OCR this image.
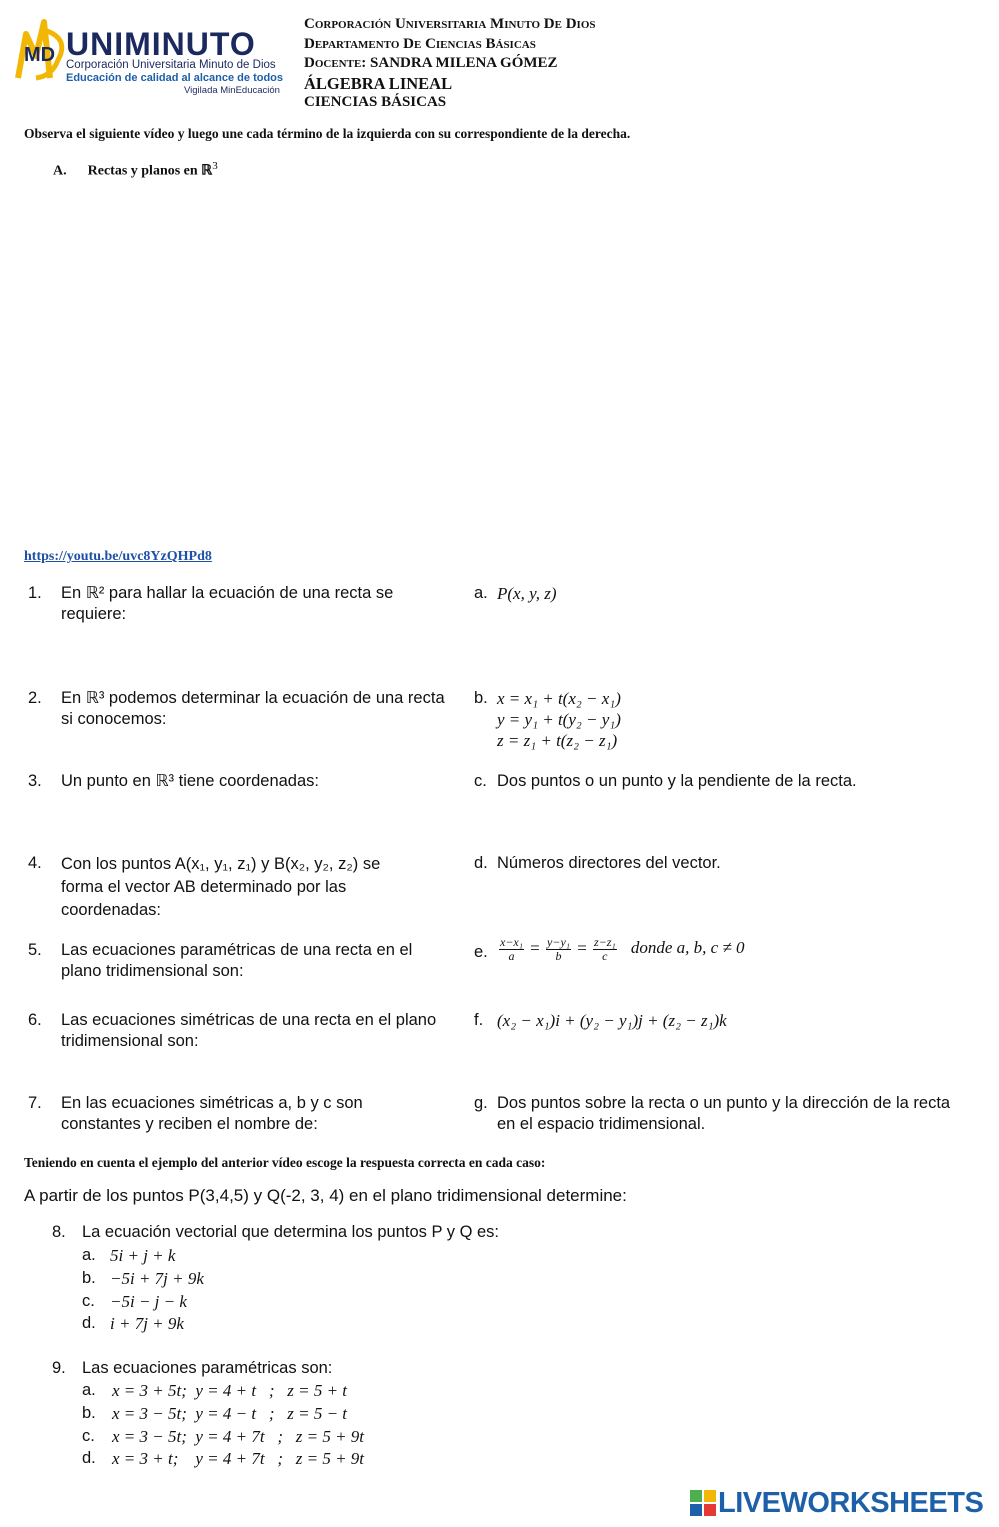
MD UNIMINUTO
Corporación Universitaria Minuto de Dios
Educación de calidad al alcance de todos
Vigilada MinEducación
Corporación Universitaria Minuto De Dios
Departamento De Ciencias Básicas
Docente: SANDRA MILENA GÓMEZ
ÁLGEBRA LINEAL
CIENCIAS BÁSICAS
Observa el siguiente vídeo y luego une cada término de la izquierda con su correspondiente de la derecha.
A. Rectas y planos en ℝ$^3$
https://youtu.be/uvc8YzQHPd8
1. En ℝ² para hallar la ecuación de una recta se requiere:
2. En ℝ³ podemos determinar la ecuación de una recta si conocemos:
3. Un punto en ℝ³ tiene coordenadas:
4. Con los puntos A(x₁, y₁, z₁) y B(x₂, y₂, z₂) se forma el vector AB determinado por las coordenadas:
5. Las ecuaciones paramétricas de una recta en el plano tridimensional son:
6. Las ecuaciones simétricas de una recta en el plano tridimensional son:
7. En las ecuaciones simétricas a, b y c son constantes y reciben el nombre de:
a. P(x, y, z)
b. x = x₁ + t(x₂ − x₁)
y = y₁ + t(y₂ − y₁)
z = z₁ + t(z₂ − z₁)
c. Dos puntos o un punto y la pendiente de la recta.
d. Números directores del vector.
e. $\frac{\text{x−x₁}}{a} = \frac{\text{y−y₁}}{b} = \frac{\text{z−z₁}}{c}$ donde a, b, c ≠ 0
f. (x₂ − x₁)i + (y₂ − y₁)j + (z₂ − z₁)k
g. Dos puntos sobre la recta o un punto y la dirección de la recta en el espacio tridimensional.
Teniendo en cuenta el ejemplo del anterior vídeo escoge la respuesta correcta en cada caso:
A partir de los puntos P(3,4,5) y Q(-2, 3, 4) en el plano tridimensional determine:
8. La ecuación vectorial que determina los puntos P y Q es:
a. 5i + j + k
b. −5i + 7j + 9k
c. −5i − j − k
d. i + 7j + 9k
9. Las ecuaciones paramétricas son:
a. x = 3 + 5t;  y = 4 + t   ;   z = 5 + t
b. x = 3 − 5t;  y = 4 − t   ;   z = 5 − t
c. x = 3 − 5t;  y = 4 + 7t   ;   z = 5 + 9t
d. x = 3 + t;    y = 4 + 7t   ;   z = 5 + 9t
LIVEWORKSHEETS
